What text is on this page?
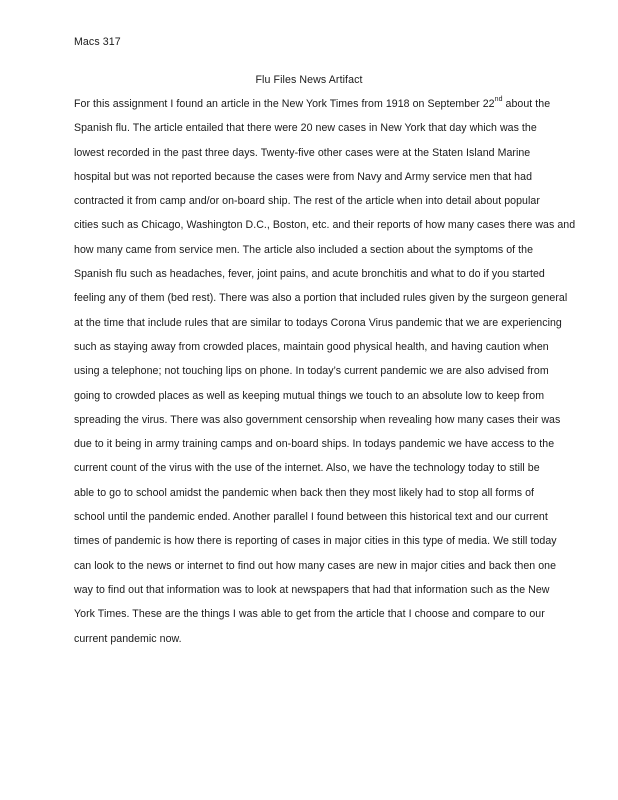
Macs 317
Flu Files News Artifact
For this assignment I found an article in the New York Times from 1918 on September 22nd about the
Spanish flu. The article entailed that there were 20 new cases in New York that day which was the
lowest recorded in the past three days. Twenty-five other cases were at the Staten Island Marine
hospital but was not reported because the cases were from Navy and Army service men that had
contracted it from camp and/or on-board ship. The rest of the article when into detail about popular
cities such as Chicago, Washington D.C., Boston, etc. and their reports of how many cases there was and
how many came from service men. The article also included a section about the symptoms of the
Spanish flu such as headaches, fever, joint pains, and acute bronchitis and what to do if you started
feeling any of them (bed rest). There was also a portion that included rules given by the surgeon general
at the time that include rules that are similar to todays Corona Virus pandemic that we are experiencing
such as staying away from crowded places, maintain good physical health, and having caution when
using a telephone; not touching lips on phone. In today’s current pandemic we are also advised from
going to crowded places as well as keeping mutual things we touch to an absolute low to keep from
spreading the virus. There was also government censorship when revealing how many cases their was
due to it being in army training camps and on-board ships. In todays pandemic we have access to the
current count of the virus with the use of the internet. Also, we have the technology today to still be
able to go to school amidst the pandemic when back then they most likely had to stop all forms of
school until the pandemic ended. Another parallel I found between this historical text and our current
times of pandemic is how there is reporting of cases in major cities in this type of media. We still today
can look to the news or internet to find out how many cases are new in major cities and back then one
way to find out that information was to look at newspapers that had that information such as the New
York Times. These are the things I was able to get from the article that I choose and compare to our
current pandemic now.
